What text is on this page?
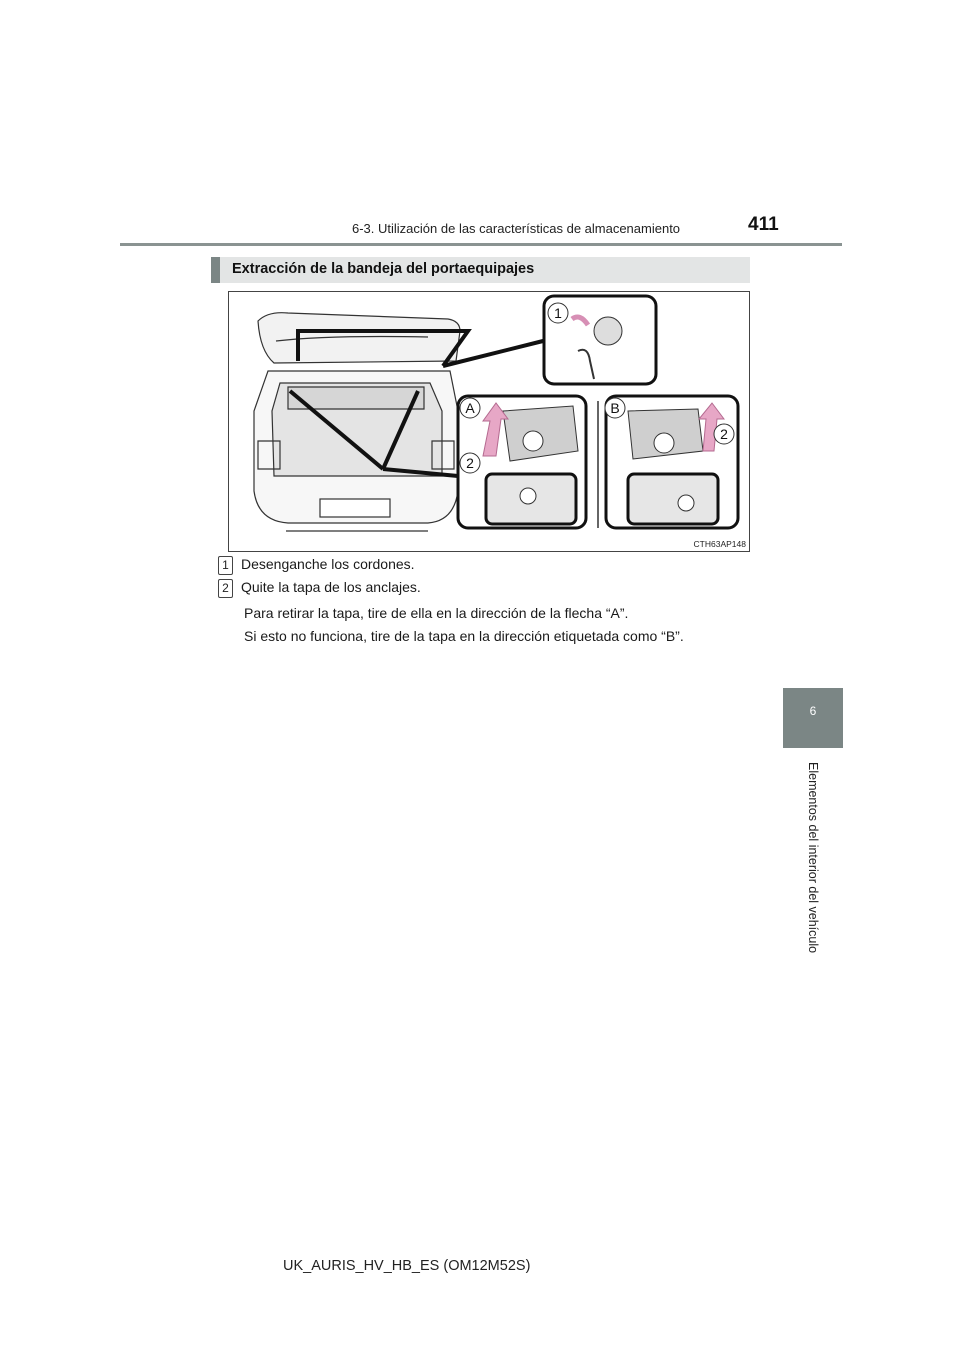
6-3. Utilización de las características de almacenamiento	411
6
Elementos del interior del vehículo
Extracción de la bandeja del portaequipajes
1
A
2
B
2
CTH63AP148
1 Desenganche los cordones.
2 Quite la tapa de los anclajes.
Para retirar la tapa, tire de ella en la dirección de la flecha “A”.
Si esto no funciona, tire de la tapa en la dirección etiquetada como “B”.
UK_AURIS_HV_HB_ES (OM12M52S)
